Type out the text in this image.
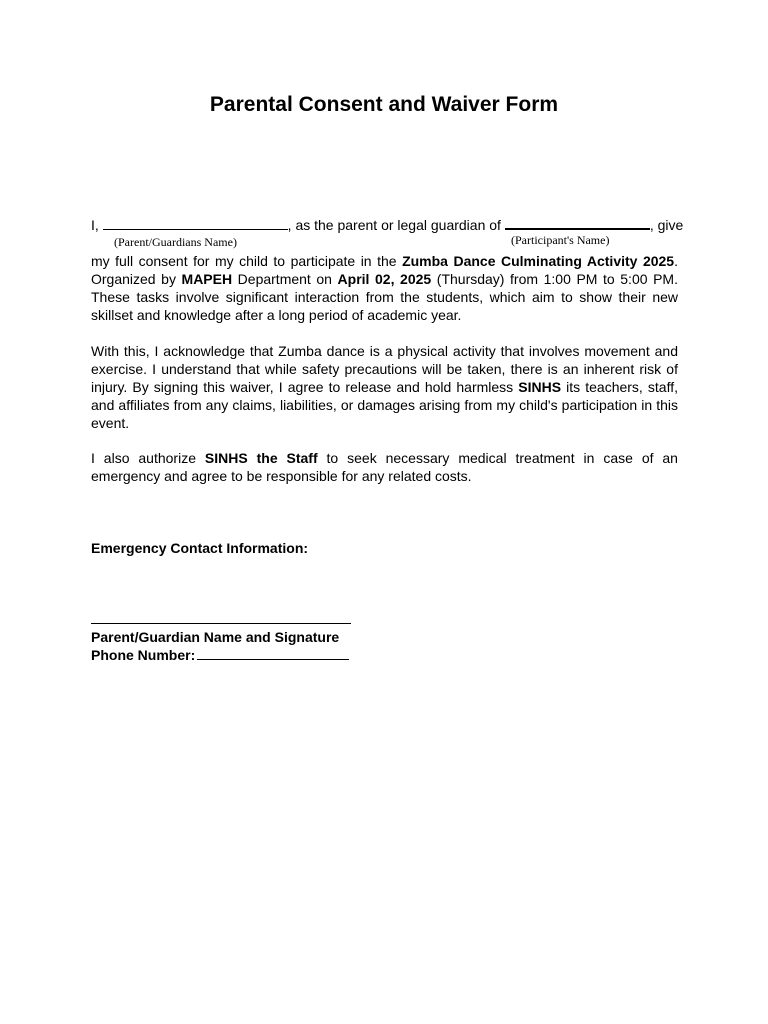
Parental Consent and Waiver Form
I,	, as the parent or legal guardian of	, give
(Parent/Guardians Name)	(Participant's Name)

my full consent for my child to participate in the Zumba Dance Culminating Activity 2025. Organized by MAPEH Department on April 02, 2025 (Thursday) from 1:00 PM to 5:00 PM. These tasks involve significant interaction from the students, which aim to show their new skillset and knowledge after a long period of academic year.

With this, I acknowledge that Zumba dance is a physical activity that involves movement and exercise. I understand that while safety precautions will be taken, there is an inherent risk of injury. By signing this waiver, I agree to release and hold harmless SINHS its teachers, staff, and affiliates from any claims, liabilities, or damages arising from my child's participation in this event.

I also authorize SINHS the Staff to seek necessary medical treatment in case of an emergency and agree to be responsible for any related costs.

Emergency Contact Information:
Parent/Guardian Name and Signature
Phone Number:
